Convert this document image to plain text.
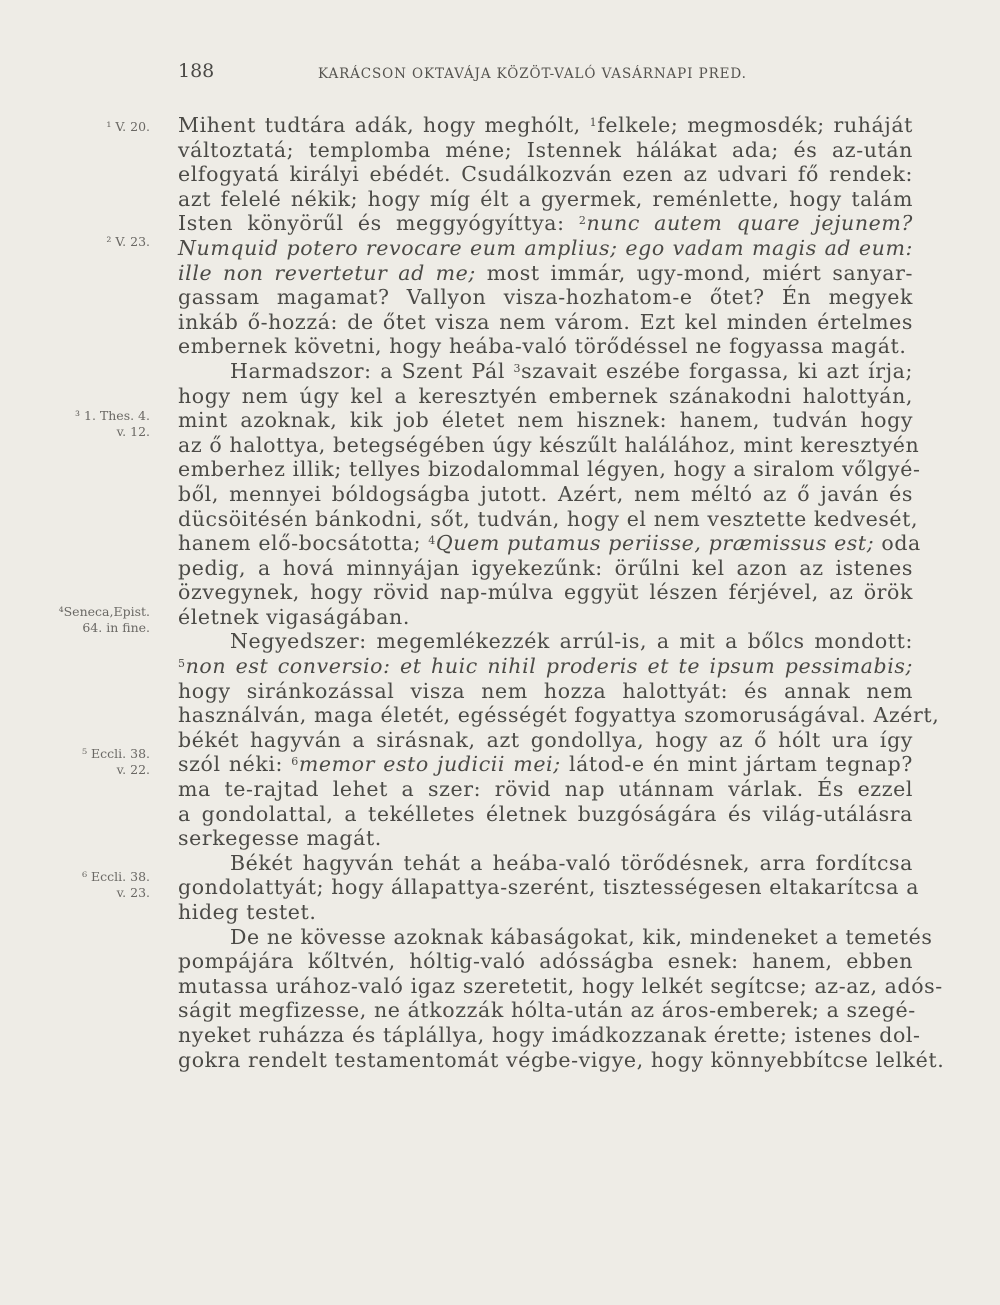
188	KARÁCSON OKTAVÁJA KÖZÖT-VALÓ VASÁRNAPI PRED.
¹ V. 20.
² V. 23.
³ 1. Thes. 4.
v. 12.
⁴Seneca,Epist.
64. in fine.
⁵ Eccli. 38.
v. 22.
⁶ Eccli. 38.
v. 23.
Mihent tudtára adák, hogy meghólt, $^1$felkele; megmosdék; ruháját
változtatá; templomba méne; Istennek hálákat ada; és az-után
elfogyatá királyi ebédét. Csudálkozván ezen az udvari fő rendek:
azt felelé nékik; hogy míg élt a gyermek, reménlette, hogy talám
Isten könyörűl és meggyógyíttya: $^2$nunc autem quare jejunem?
Numquid potero revocare eum amplius; ego vadam magis ad eum:
ille non revertetur ad me; most immár, ugy-mond, miért sanyar-
gassam magamat? Vallyon visza-hozhatom-e őtet? Én megyek
inkáb ő-hozzá: de őtet visza nem várom. Ezt kel minden értelmes
embernek követni, hogy heába-való törődéssel ne fogyassa magát.
Harmadszor: a Szent Pál $^3$szavait eszébe forgassa, ki azt írja;
hogy nem úgy kel a keresztyén embernek szánakodni halottyán,
mint azoknak, kik job életet nem hisznek: hanem, tudván hogy
az ő halottya, betegségében úgy készűlt halálához, mint keresztyén
emberhez illik; tellyes bizodalommal légyen, hogy a siralom vőlgyé-
ből, mennyei bóldogságba jutott. Azért, nem méltó az ő javán és
dücsöitésén bánkodni, sőt, tudván, hogy el nem vesztette kedvesét,
hanem elő-bocsátotta; $^4$Quem putamus periisse, præmissus est; oda
pedig, a hová minnyájan igyekezűnk: örűlni kel azon az istenes
özvegynek, hogy rövid nap-múlva eggyüt lészen férjével, az örök
életnek vigaságában.
Negyedszer: megemlékezzék arrúl-is, a mit a bőlcs mondott:
$^5$non est conversio: et huic nihil proderis et te ipsum pessimabis;
hogy siránkozással visza nem hozza halottyát: és annak nem
használván, maga életét, egésségét fogyattya szomoruságával. Azért,
békét hagyván a sirásnak, azt gondollya, hogy az ő hólt ura így
szól néki: $^6$memor esto judicii mei; látod-e én mint jártam tegnap?
ma te-rajtad lehet a szer: rövid nap utánnam várlak. És ezzel
a gondolattal, a tekélletes életnek buzgóságára és világ-utálásra
serkegesse magát.
Békét hagyván tehát a heába-való törődésnek, arra fordítcsa
gondolattyát; hogy állapattya-szerént, tisztességesen eltakarítcsa a
hideg testet.
De ne kövesse azoknak kábaságokat, kik, mindeneket a temetés
pompájára kőltvén, hóltig-való adósságba esnek: hanem, ebben
mutassa urához-való igaz szeretetit, hogy lelkét segítcse; az-az, adós-
ságit megfizesse, ne átkozzák hólta-után az áros-emberek; a szegé-
nyeket ruházza és táplállya, hogy imádkozzanak érette; istenes dol-
gokra rendelt testamentomát végbe-vigye, hogy könnyebbítcse lelkét.
